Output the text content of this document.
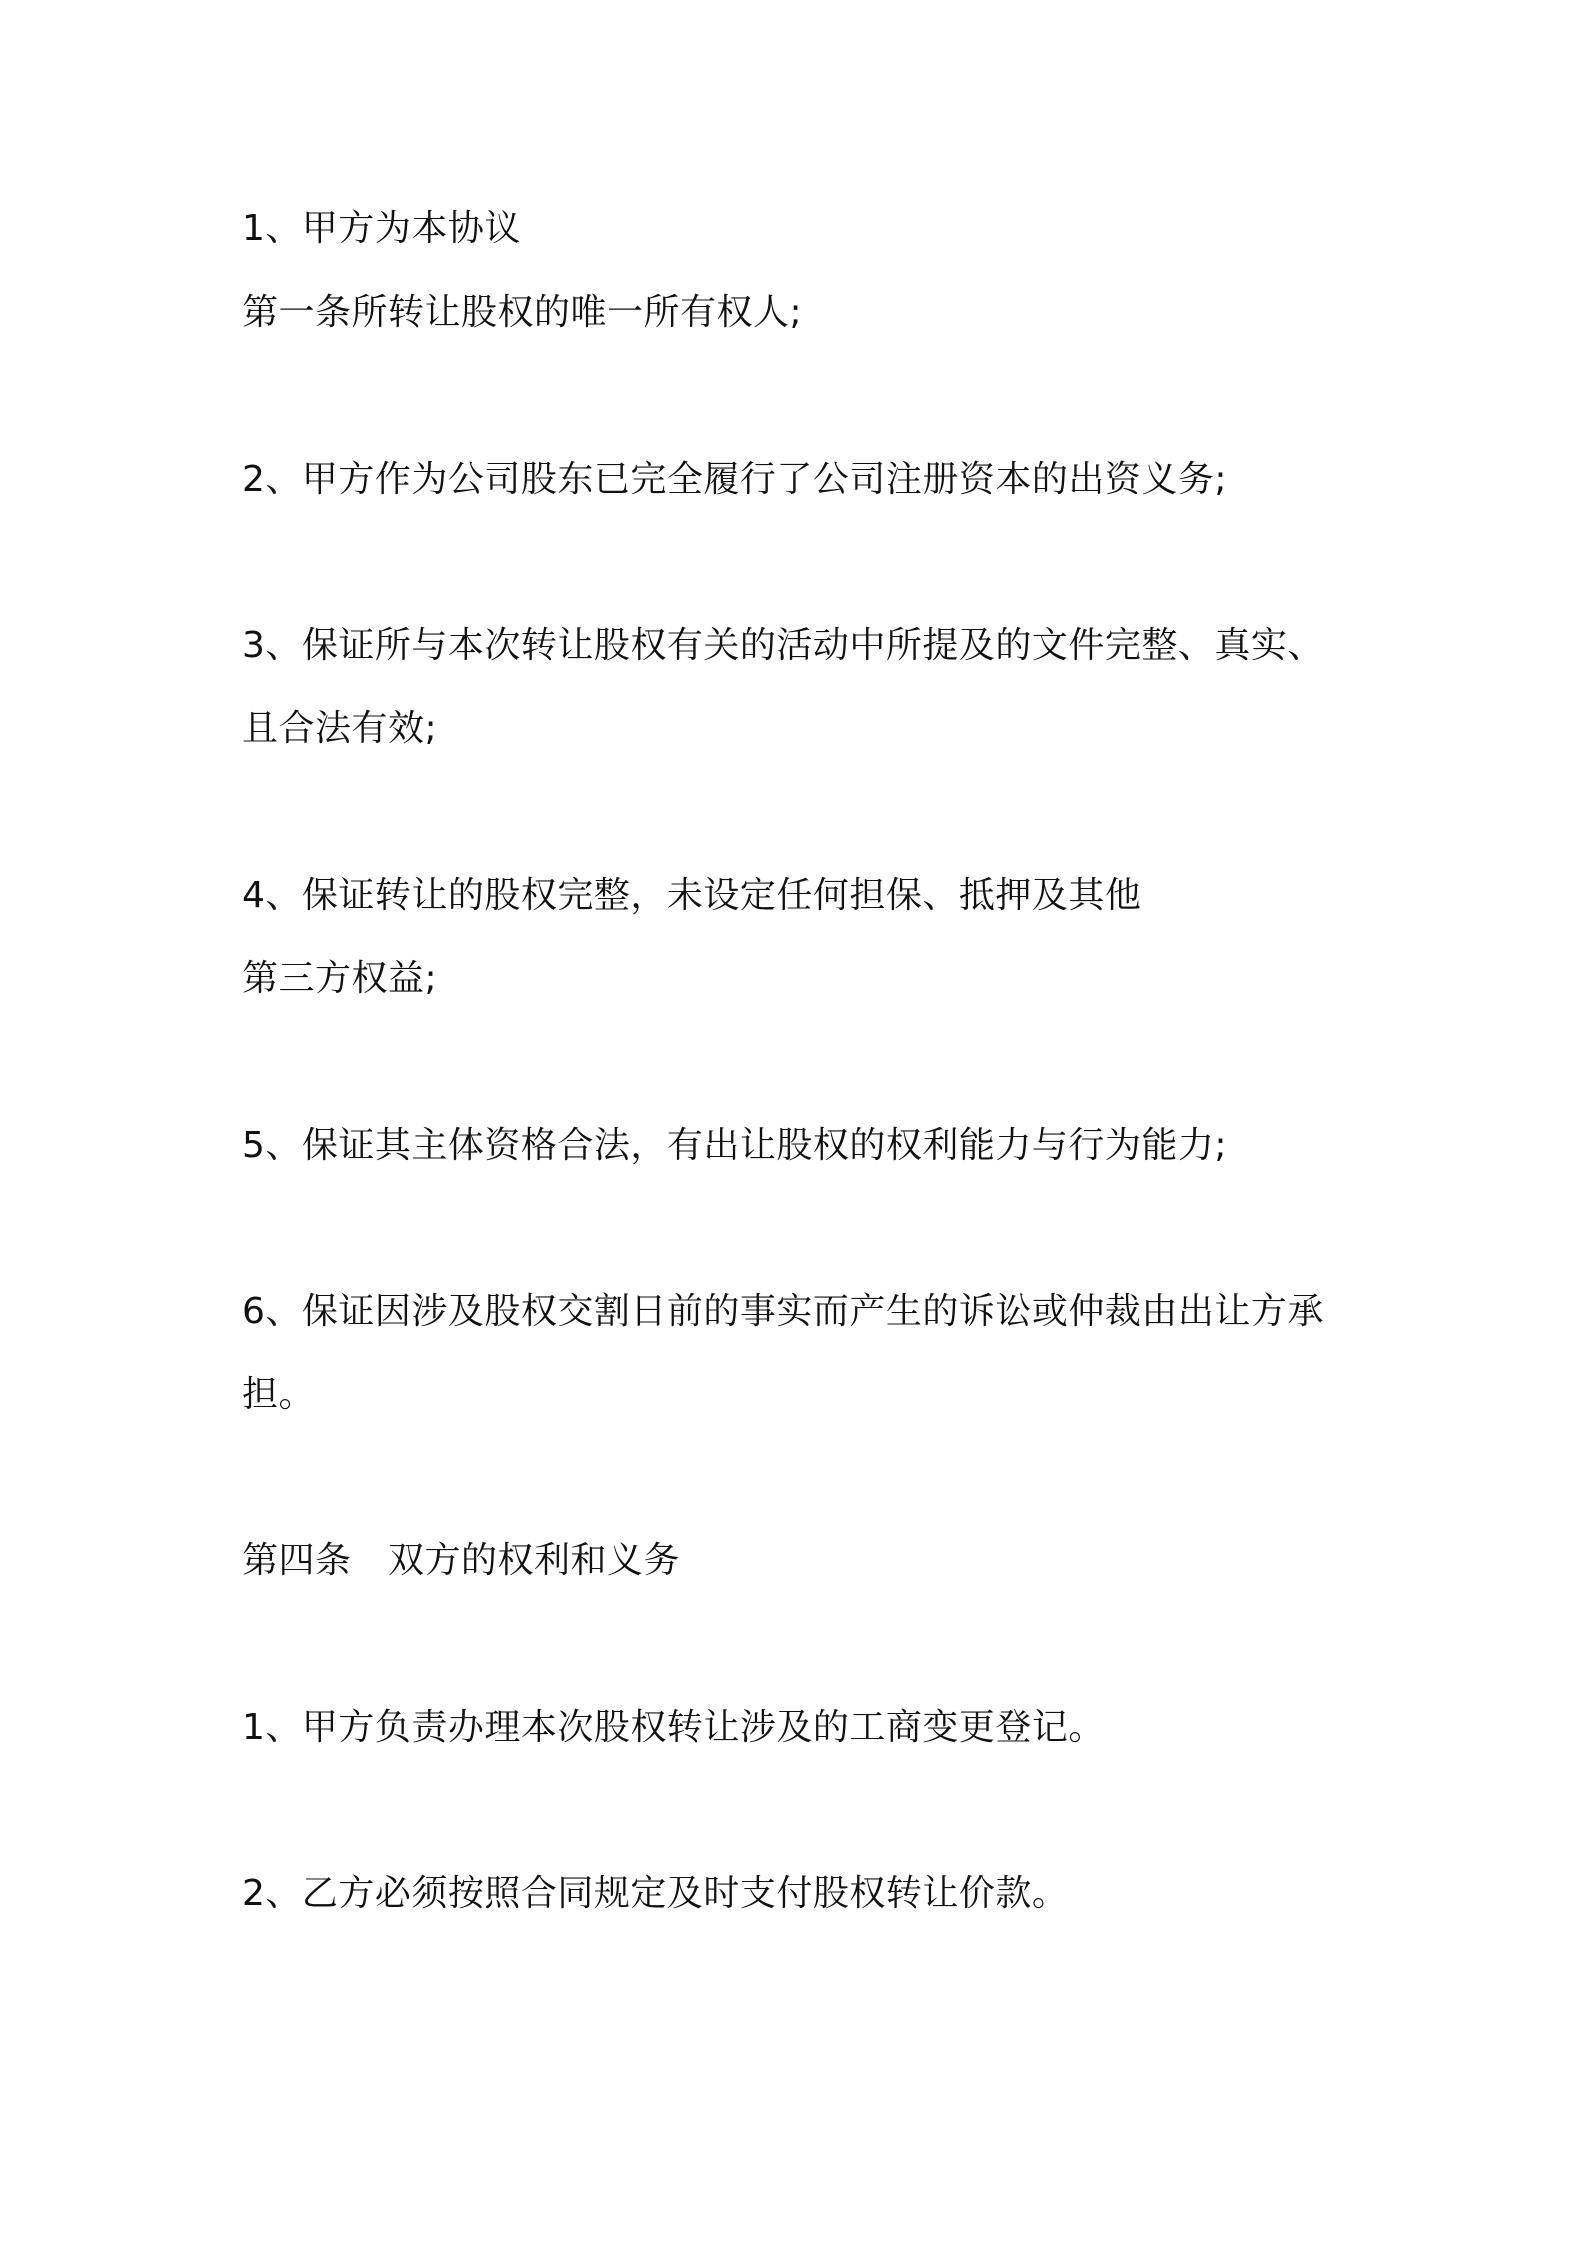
1、甲方为本协议
第一条所转让股权的唯一所有权人;
2、甲方作为公司股东已完全履行了公司注册资本的出资义务;
3、保证所与本次转让股权有关的活动中所提及的文件完整、真实、
且合法有效;
4、保证转让的股权完整，未设定任何担保、抵押及其他
第三方权益;
5、保证其主体资格合法，有出让股权的权利能力与行为能力;
6、保证因涉及股权交割日前的事实而产生的诉讼或仲裁由出让方承
担。
第四条　双方的权利和义务
1、甲方负责办理本次股权转让涉及的工商变更登记。
2、乙方必须按照合同规定及时支付股权转让价款。
